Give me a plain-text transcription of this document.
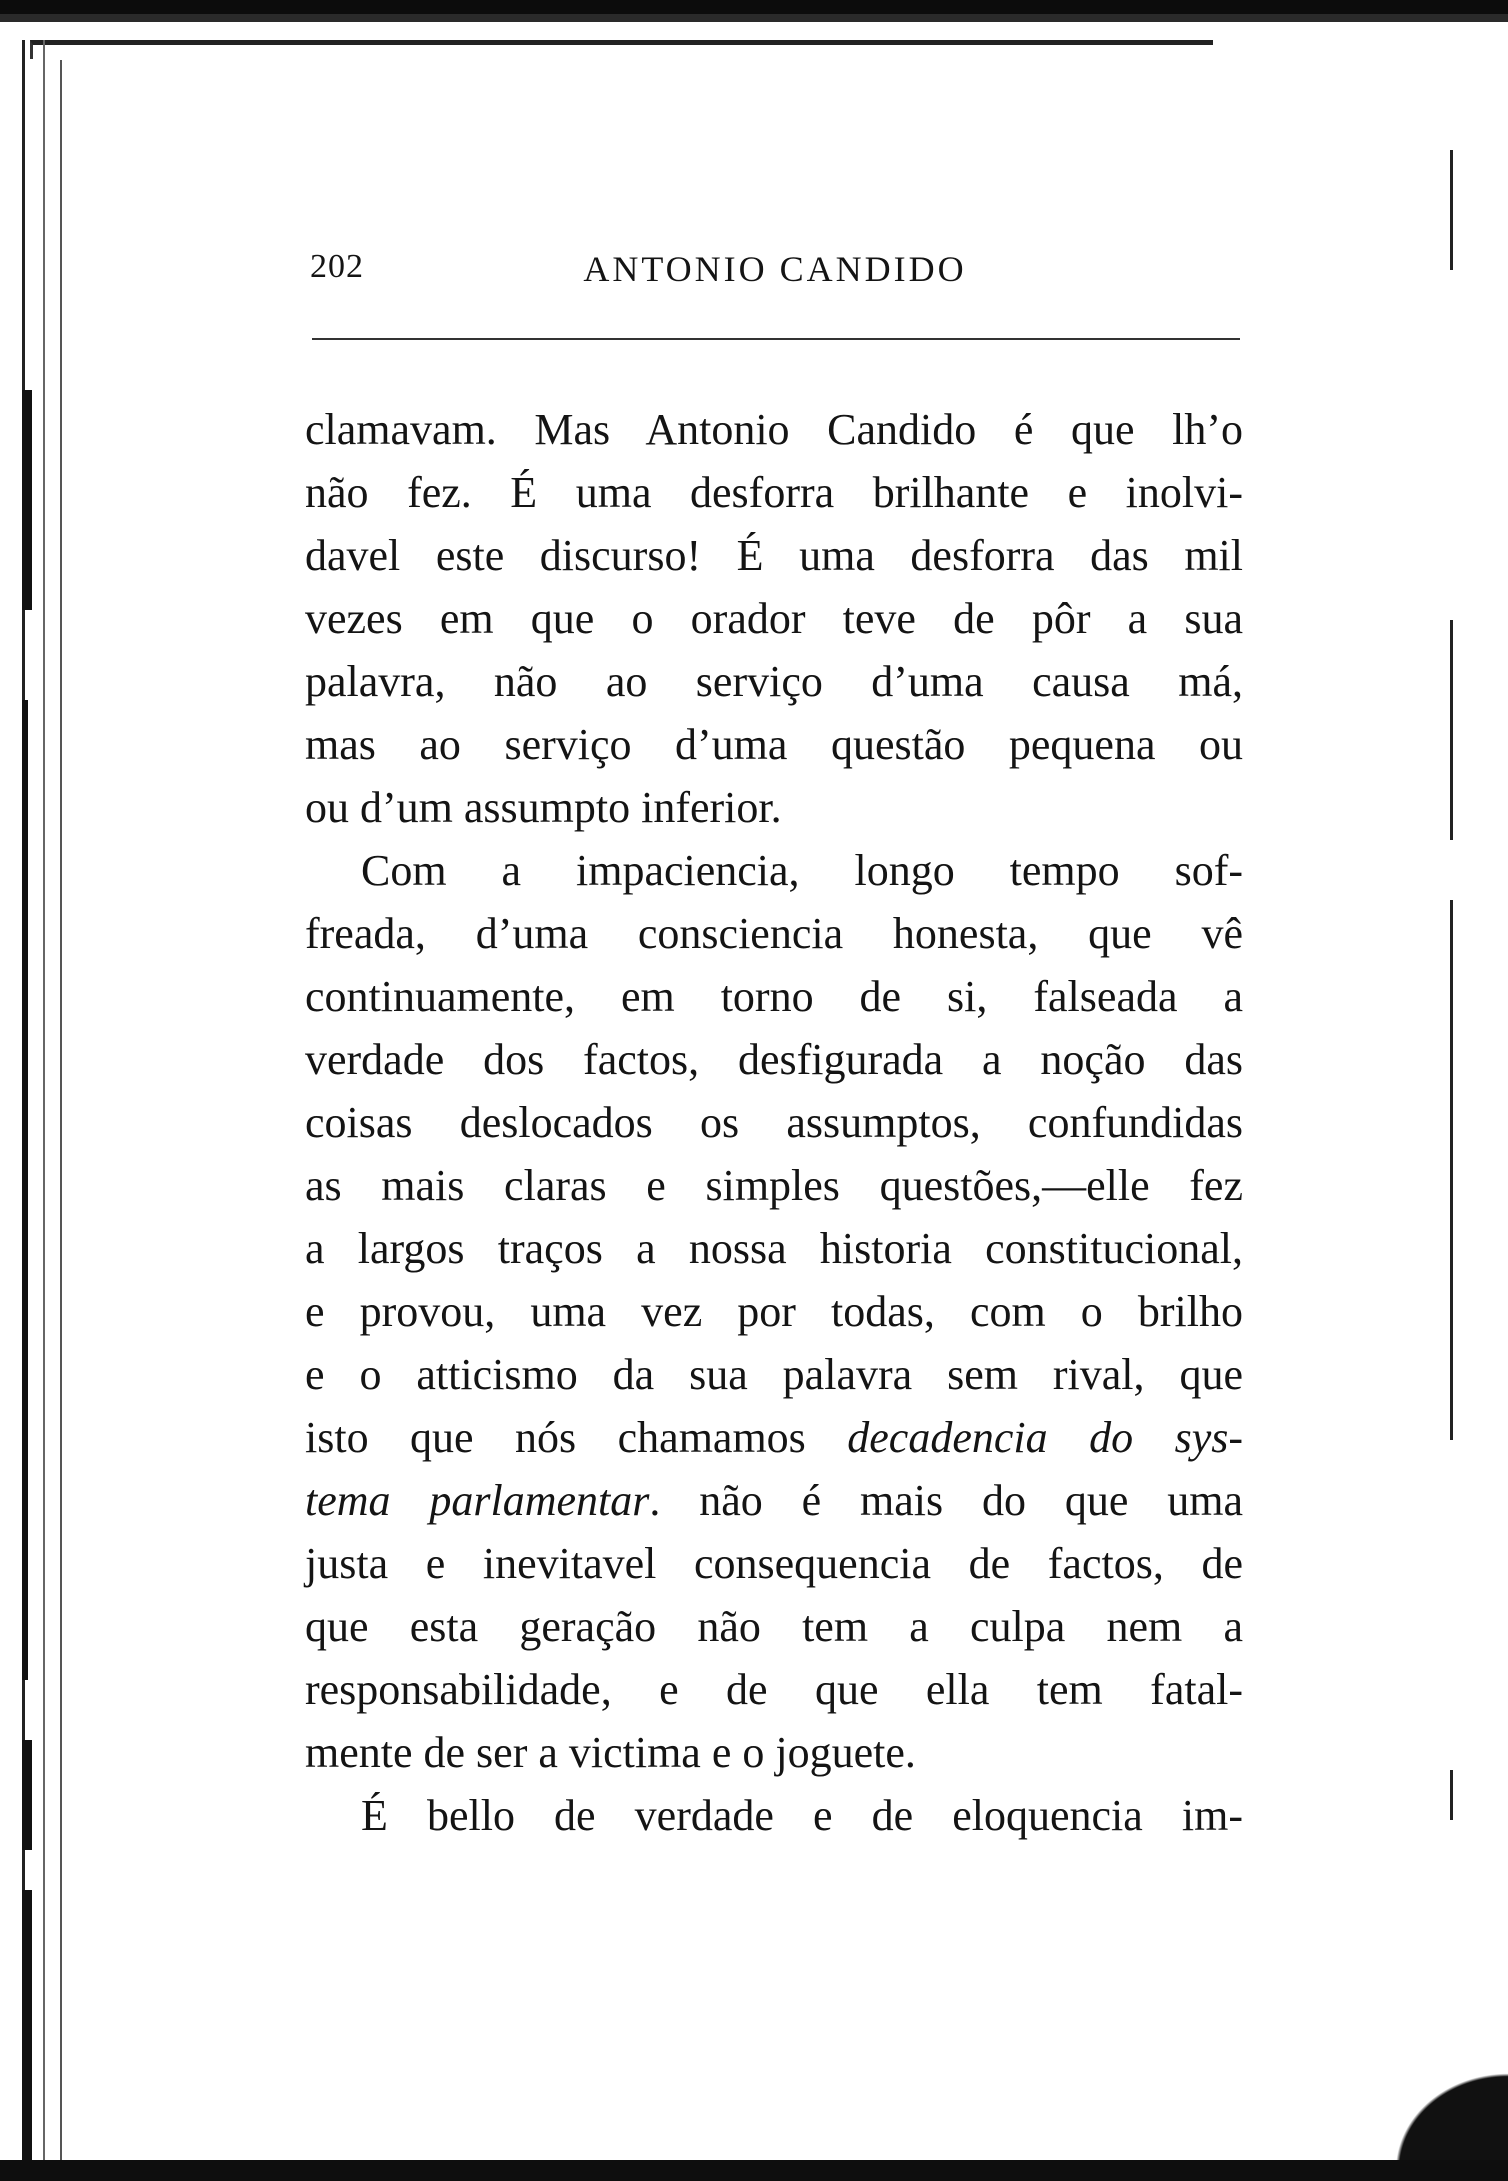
ANTONIO CANDIDO
202
clamavam. Mas Antonio Candido é que lh’o
não fez. É uma desforra brilhante e inolvi-
davel este discurso! É uma desforra das mil
vezes em que o orador teve de pôr a sua
palavra, não ao serviço d’uma causa má,
mas ao serviço d’uma questão pequena ou
ou d’um assumpto inferior.
Com a impaciencia, longo tempo sof-
freada, d’uma consciencia honesta, que vê
continuamente, em torno de si, falseada a
verdade dos factos, desfigurada a noção das
coisas deslocados os assumptos, confundidas
as mais claras e simples questões,—elle fez
a largos traços a nossa historia constitucional,
e provou, uma vez por todas, com o brilho
e o atticismo da sua palavra sem rival, que
isto que nós chamamos decadencia do sys-
tema parlamentar. não é mais do que uma
justa e inevitavel consequencia de factos, de
que esta geração não tem a culpa nem a
responsabilidade, e de que ella tem fatal-
mente de ser a victima e o joguete.
É bello de verdade e de eloquencia im-
